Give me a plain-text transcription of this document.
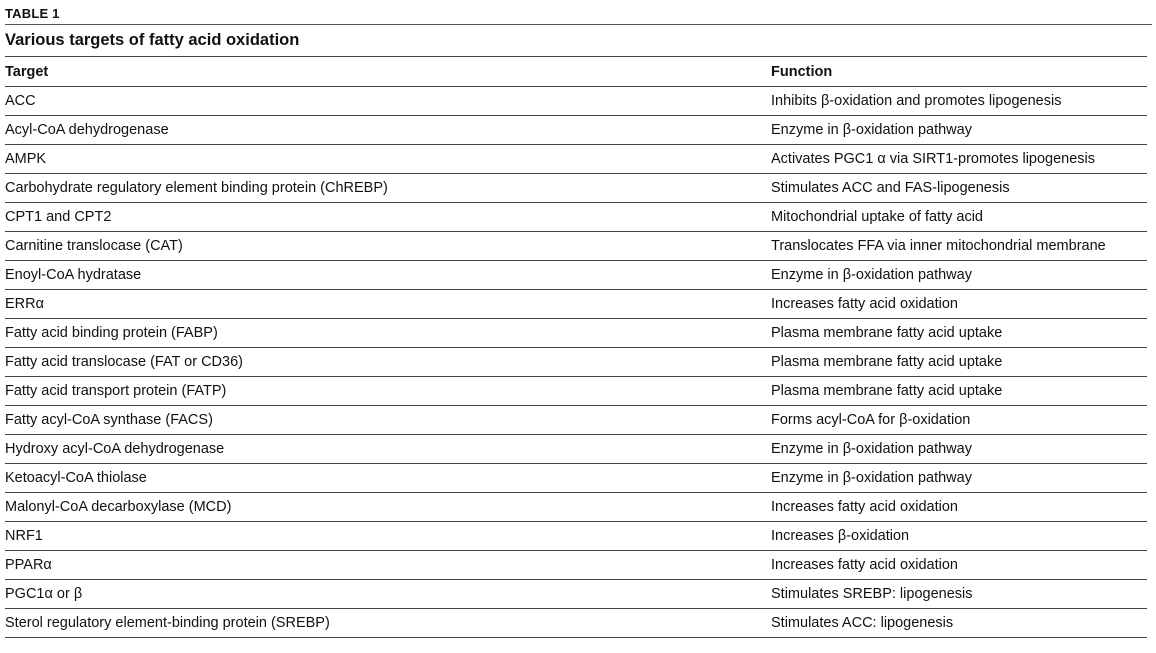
TABLE 1
Various targets of fatty acid oxidation
Target	Function
ACC	Inhibits β-oxidation and promotes lipogenesis
Acyl-CoA dehydrogenase	Enzyme in β-oxidation pathway
AMPK	Activates PGC1 α via SIRT1-promotes lipogenesis
Carbohydrate regulatory element binding protein (ChREBP)	Stimulates ACC and FAS-lipogenesis
CPT1 and CPT2	Mitochondrial uptake of fatty acid
Carnitine translocase (CAT)	Translocates FFA via inner mitochondrial membrane
Enoyl-CoA hydratase	Enzyme in β-oxidation pathway
ERRα	Increases fatty acid oxidation
Fatty acid binding protein (FABP)	Plasma membrane fatty acid uptake
Fatty acid translocase (FAT or CD36)	Plasma membrane fatty acid uptake
Fatty acid transport protein (FATP)	Plasma membrane fatty acid uptake
Fatty acyl-CoA synthase (FACS)	Forms acyl-CoA for β-oxidation
Hydroxy acyl-CoA dehydrogenase	Enzyme in β-oxidation pathway
Ketoacyl-CoA thiolase	Enzyme in β-oxidation pathway
Malonyl-CoA decarboxylase (MCD)	Increases fatty acid oxidation
NRF1	Increases β-oxidation
PPARα	Increases fatty acid oxidation
PGC1α or β	Stimulates SREBP: lipogenesis
Sterol regulatory element-binding protein (SREBP)	Stimulates ACC: lipogenesis
